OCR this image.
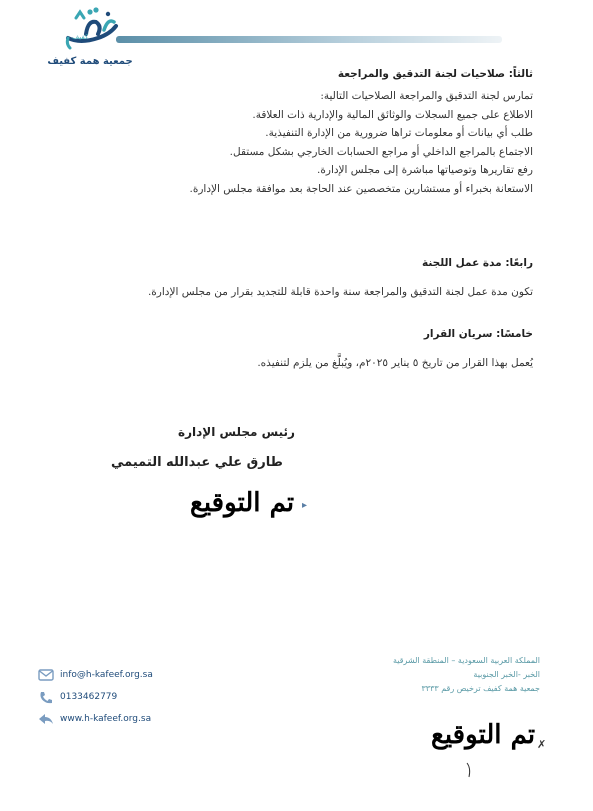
كفيف
جمعية همة كفيف
ثالثاً: صلاحيات لجنة التدقيق والمراجعة
تمارس لجنة التدقيق والمراجعة الصلاحيات التالية:
الاطلاع على جميع السجلات والوثائق المالية والإدارية ذات العلاقة.
طلب أي بيانات أو معلومات تراها ضرورية من الإدارة التنفيذية.
الاجتماع بالمراجع الداخلي أو مراجع الحسابات الخارجي بشكل مستقل.
رفع تقاريرها وتوصياتها مباشرة إلى مجلس الإدارة.
الاستعانة بخبراء أو مستشارين متخصصين عند الحاجة بعد موافقة مجلس الإدارة.
رابعًا: مدة عمل اللجنة
تكون مدة عمل لجنة التدقيق والمراجعة سنة واحدة قابلة للتجديد بقرار من مجلس الإدارة.
خامسًا: سريان القرار
يُعمل بهذا القرار من تاريخ ٥ يناير ٢٠٢٥م، ويُبلَّغ من يلزم لتنفيذه.
رئيس مجلس الإدارة
طارق علي عبدالله التميمي
تم التوقيع ▸
info@h-kafeef.org.sa
0133462779
www.h-kafeef.org.sa
المملكة العربية السعودية – المنطقة الشرقية
الخبر -الخبر الجنوبية
جمعية همة كفيف ترخيص رقم ٣٣٣٣
تم التوقيع ✗
